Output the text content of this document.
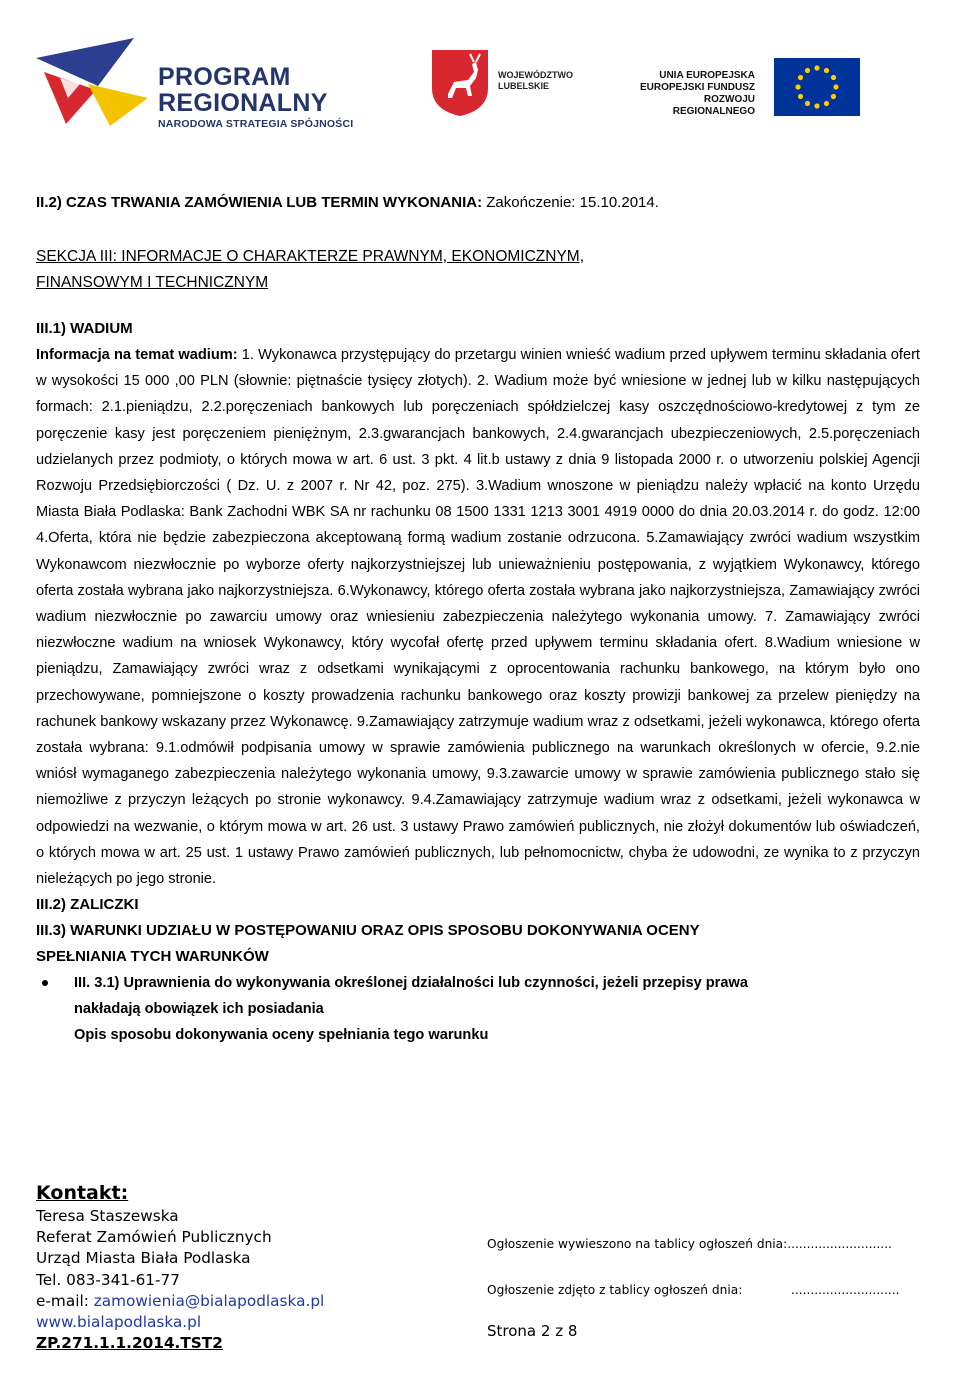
PROGRAM
REGIONALNY
NARODOWA STRATEGIA SPÓJNOŚCI
WOJEWÓDZTWO
LUBELSKIE
UNIA EUROPEJSKA
EUROPEJSKI FUNDUSZ
ROZWOJU REGIONALNEGO
II.2) CZAS TRWANIA ZAMÓWIENIA LUB TERMIN WYKONANIA: Zakończenie: 15.10.2014.
SEKCJA III: INFORMACJE O CHARAKTERZE PRAWNYM, EKONOMICZNYM,
FINANSOWYM I TECHNICZNYM
III.1) WADIUM

Informacja na temat wadium: 1. Wykonawca przystępujący do przetargu winien wnieść wadium przed upływem terminu składania ofert w wysokości 15 000 ,00 PLN (słownie: piętnaście tysięcy złotych). 2. Wadium może być wniesione w jednej lub w kilku następujących formach: 2.1.pieniądzu, 2.2.poręczeniach bankowych lub poręczeniach spółdzielczej kasy oszczędnościowo-kredytowej z tym ze poręczenie kasy jest poręczeniem pieniężnym, 2.3.gwarancjach bankowych, 2.4.gwarancjach ubezpieczeniowych, 2.5.poręczeniach udzielanych przez podmioty, o których mowa w art. 6 ust. 3 pkt. 4 lit.b ustawy z dnia 9 listopada 2000 r. o utworzeniu polskiej Agencji Rozwoju Przedsiębiorczości ( Dz. U. z 2007 r. Nr 42, poz. 275). 3.Wadium wnoszone w pieniądzu należy wpłacić na konto Urzędu Miasta Biała Podlaska: Bank Zachodni WBK SA nr rachunku 08 1500 1331 1213 3001 4919 0000 do dnia 20.03.2014 r. do godz. 12:00 4.Oferta, która nie będzie zabezpieczona akceptowaną formą wadium zostanie odrzucona. 5.Zamawiający zwróci wadium wszystkim Wykonawcom niezwłocznie po wyborze oferty najkorzystniejszej lub unieważnieniu postępowania, z wyjątkiem Wykonawcy, którego oferta została wybrana jako najkorzystniejsza. 6.Wykonawcy, którego oferta została wybrana jako najkorzystniejsza, Zamawiający zwróci wadium niezwłocznie po zawarciu umowy oraz wniesieniu zabezpieczenia należytego wykonania umowy. 7. Zamawiający zwróci niezwłoczne wadium na wniosek Wykonawcy, który wycofał ofertę przed upływem terminu składania ofert. 8.Wadium wniesione w pieniądzu, Zamawiający zwróci wraz z odsetkami wynikającymi z oprocentowania rachunku bankowego, na którym było ono przechowywane, pomniejszone o koszty prowadzenia rachunku bankowego oraz koszty prowizji bankowej za przelew pieniędzy na rachunek bankowy wskazany przez Wykonawcę. 9.Zamawiający zatrzymuje wadium wraz z odsetkami, jeżeli wykonawca, którego oferta została wybrana: 9.1.odmówił podpisania umowy w sprawie zamówienia publicznego na warunkach określonych w ofercie, 9.2.nie wniósł wymaganego zabezpieczenia należytego wykonania umowy, 9.3.zawarcie umowy w sprawie zamówienia publicznego stało się niemożliwe z przyczyn leżących po stronie wykonawcy. 9.4.Zamawiający zatrzymuje wadium wraz z odsetkami, jeżeli wykonawca w odpowiedzi na wezwanie, o którym mowa w art. 26 ust. 3 ustawy Prawo zamówień publicznych, nie złożył dokumentów lub oświadczeń, o których mowa w art. 25 ust. 1 ustawy Prawo zamówień publicznych, lub pełnomocnictw, chyba że udowodni, ze wynika to z przyczyn nieleżących po jego stronie.

III.2) ZALICZKI
III.3) WARUNKI UDZIAŁU W POSTĘPOWANIU ORAZ OPIS SPOSOBU DOKONYWANIA OCENY
SPEŁNIANIA TYCH WARUNKÓW
III. 3.1) Uprawnienia do wykonywania określonej działalności lub czynności, jeżeli przepisy prawa
nakładają obowiązek ich posiadania
Opis sposobu dokonywania oceny spełniania tego warunku
Kontakt:
Teresa Staszewska
Referat Zamówień Publicznych
Urząd Miasta Biała Podlaska
Tel. 083-341-61-77
e-mail: zamowienia@bialapodlaska.pl
www.bialapodlaska.pl
ZP.271.1.1.2014.TST2
Ogłoszenie wywieszono na tablicy ogłoszeń dnia:...........................
Ogłoszenie zdjęto z tablicy ogłoszeń dnia:	............................
Strona 2 z 8
